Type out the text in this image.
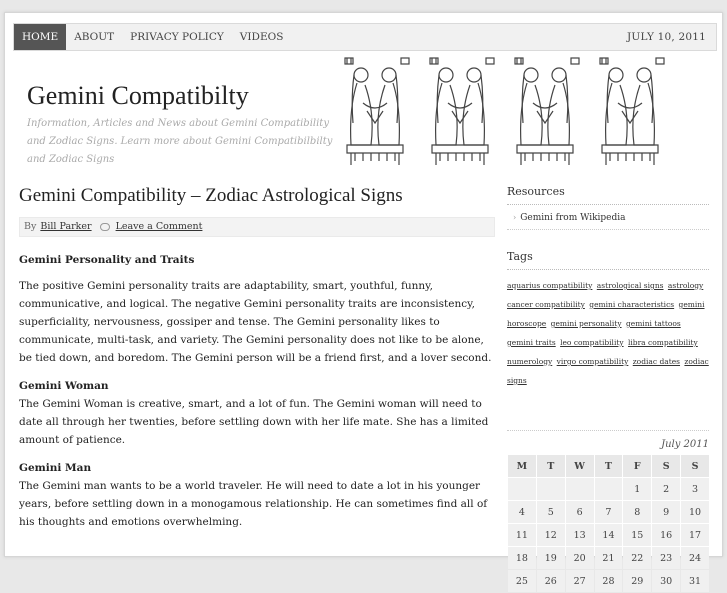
HOME	ABOUT	PRIVACY POLICY	VIDEOS	JULY 10, 2011
Gemini Compatibilty
Information, Articles and News about Gemini Compatibility and Zodiac Signs. Learn more about Gemini Compatibilbilty and Zodiac Signs
Gemini Compatibility – Zodiac Astrological Signs
By Bill Parker	Leave a Comment
Gemini Personality and Traits

The positive Gemini personality traits are adaptability, smart, youthful, funny, communicative, and logical. The negative Gemini personality traits are inconsistency, superficiality, nervousness, gossiper and tense. The Gemini personality likes to communicate, multi-task, and variety. The Gemini personality does not like to be alone, be tied down, and boredom. The Gemini person will be a friend first, and a lover second.

Gemini Woman

The Gemini Woman is creative, smart, and a lot of fun. The Gemini woman will need to date all through her twenties, before settling down with her life mate. She has a limited amount of patience.

Gemini Man

The Gemini man wants to be a world traveler. He will need to date a lot in his younger years, before settling down in a monogamous relationship. He can sometimes find all of his thoughts and emotions overwhelming.

Resources
› Gemini from Wikipedia
Tags
aquarius compatibility astrological signs astrology cancer compatibility gemini characteristics gemini horoscope gemini personality gemini tattoos gemini traits leo compatibility libra compatibility numerology virgo compatibility zodiac dates zodiac signs
July 2011
M	T	W	T	F	S	S
				1	2	3
4	5	6	7	8	9	10
11	12	13	14	15	16	17
18	19	20	21	22	23	24
25	26	27	28	29	30	31
